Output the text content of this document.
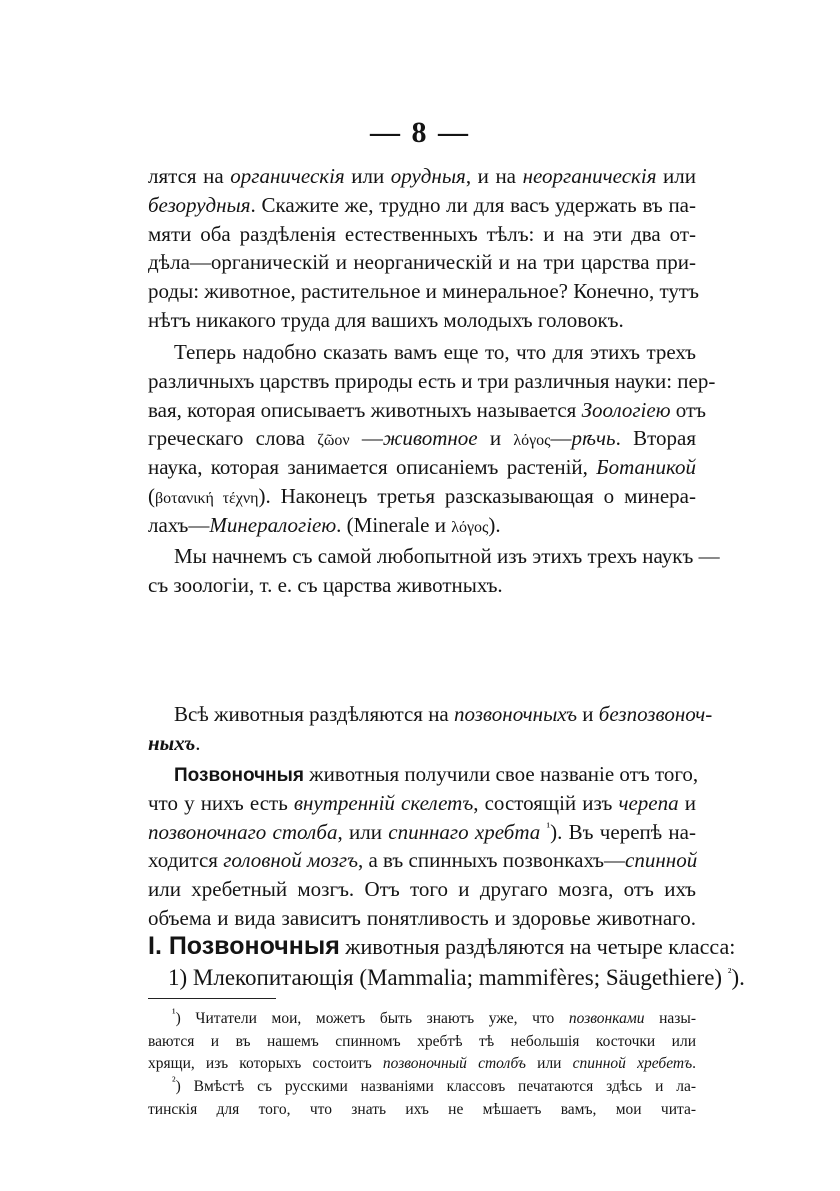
— 8 —
лятся на органическія или орудныя, и на неорганическія или
безорудныя. Скажите же, трудно ли для васъ удержать въ па-
мяти оба раздѣленія естественныхъ тѣлъ: и на эти два от-
дѣла—органическій и неорганическій и на три царства при-
роды: животное, растительное и минеральное? Конечно, тутъ
нѣтъ никакого труда для вашихъ молодыхъ головокъ.
Теперь надобно сказать вамъ еще то, что для этихъ трехъ
различныхъ царствъ природы есть и три различныя науки: пер-
вая, которая описываетъ животныхъ называется Зоологiею отъ
греческаго слова ζῶον —животное и λόγος—рѣчь. Вторая
наука, которая занимается описанiемъ растенiй, Ботаникой
(βοτανική τέχνη). Наконецъ третья разсказывающая о минера-
лахъ—Минералогiею. (Minerale и λόγος).
Мы начнемъ съ самой любопытной изъ этихъ трехъ наукъ —
съ зоологiи, т. е. съ царства животныхъ.
Всѣ животныя раздѣляются на позвоночныхъ и безпозвоноч-
ныхъ.
Позвоночныя животныя получили свое названiе отъ того,
что у нихъ есть внутреннiй скелетъ, состоящiй изъ черепа и
позвоночнаго столба, или спиннаго хребта $^{^1}$). Въ черепѣ на-
ходится головной мозгъ, а въ спинныхъ позвонкахъ—спинной
или хребетный мозгъ. Отъ того и другаго мозга, отъ ихъ
объема и вида зависитъ понятливость и здоровье животнаго.
I. Позвоночныя животныя раздѣляются на четыре класса:
1) Млекопитающiя (Mammalia; mammifères; Säugethiere) $^{^2}$).
$^{^1}$) Читатели мои, можетъ быть знаютъ уже, что позвонками назы-
ваются и въ нашемъ спинномъ хребтѣ тѣ небольшiя косточки или
хрящи, изъ которыхъ состоитъ позвоночный столбъ или спинной хребетъ.
$^{^2}$) Вмѣстѣ съ русскими названiями классовъ печатаются здѣсь и ла-
тинскiя для того, что знать ихъ не мѣшаетъ вамъ, мои чита-
